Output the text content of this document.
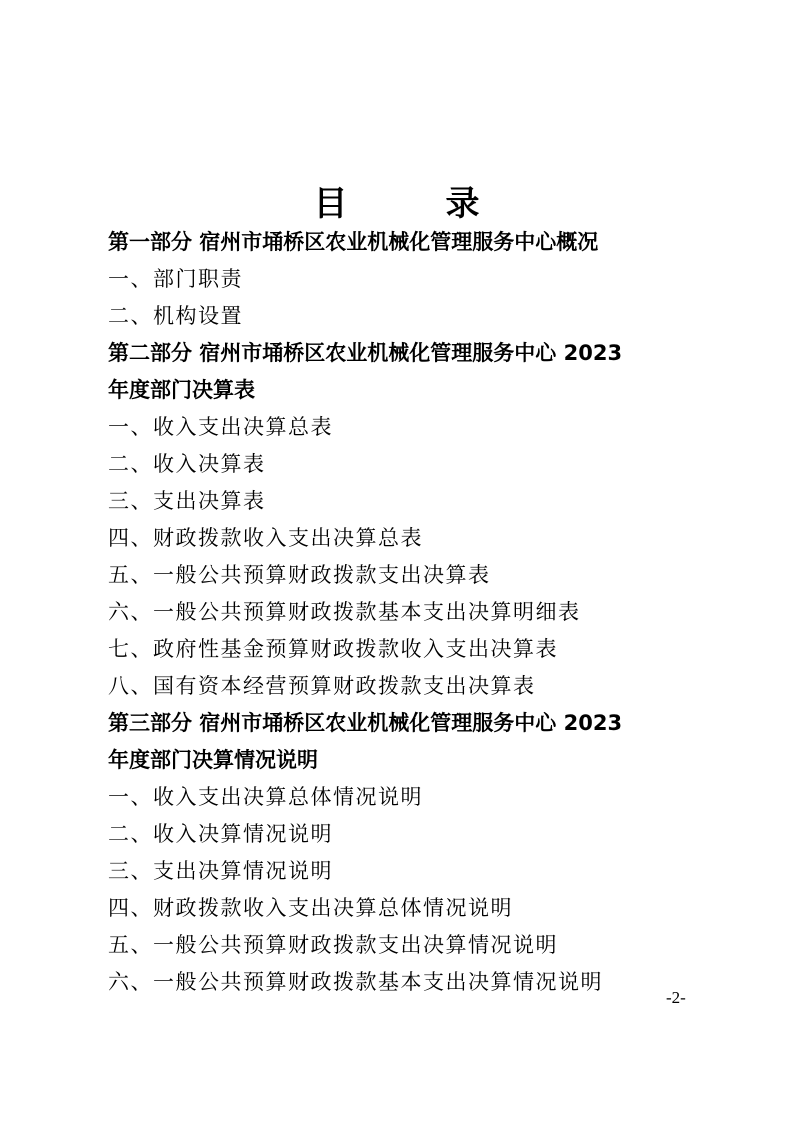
目　录
第一部分 宿州市埇桥区农业机械化管理服务中心概况
一、部门职责
二、机构设置
第二部分 宿州市埇桥区农业机械化管理服务中心 2023
年度部门决算表
一、收入支出决算总表
二、收入决算表
三、支出决算表
四、财政拨款收入支出决算总表
五、一般公共预算财政拨款支出决算表
六、一般公共预算财政拨款基本支出决算明细表
七、政府性基金预算财政拨款收入支出决算表
八、国有资本经营预算财政拨款支出决算表
第三部分 宿州市埇桥区农业机械化管理服务中心 2023
年度部门决算情况说明
一、收入支出决算总体情况说明
二、收入决算情况说明
三、支出决算情况说明
四、财政拨款收入支出决算总体情况说明
五、一般公共预算财政拨款支出决算情况说明
六、一般公共预算财政拨款基本支出决算情况说明
-2-
